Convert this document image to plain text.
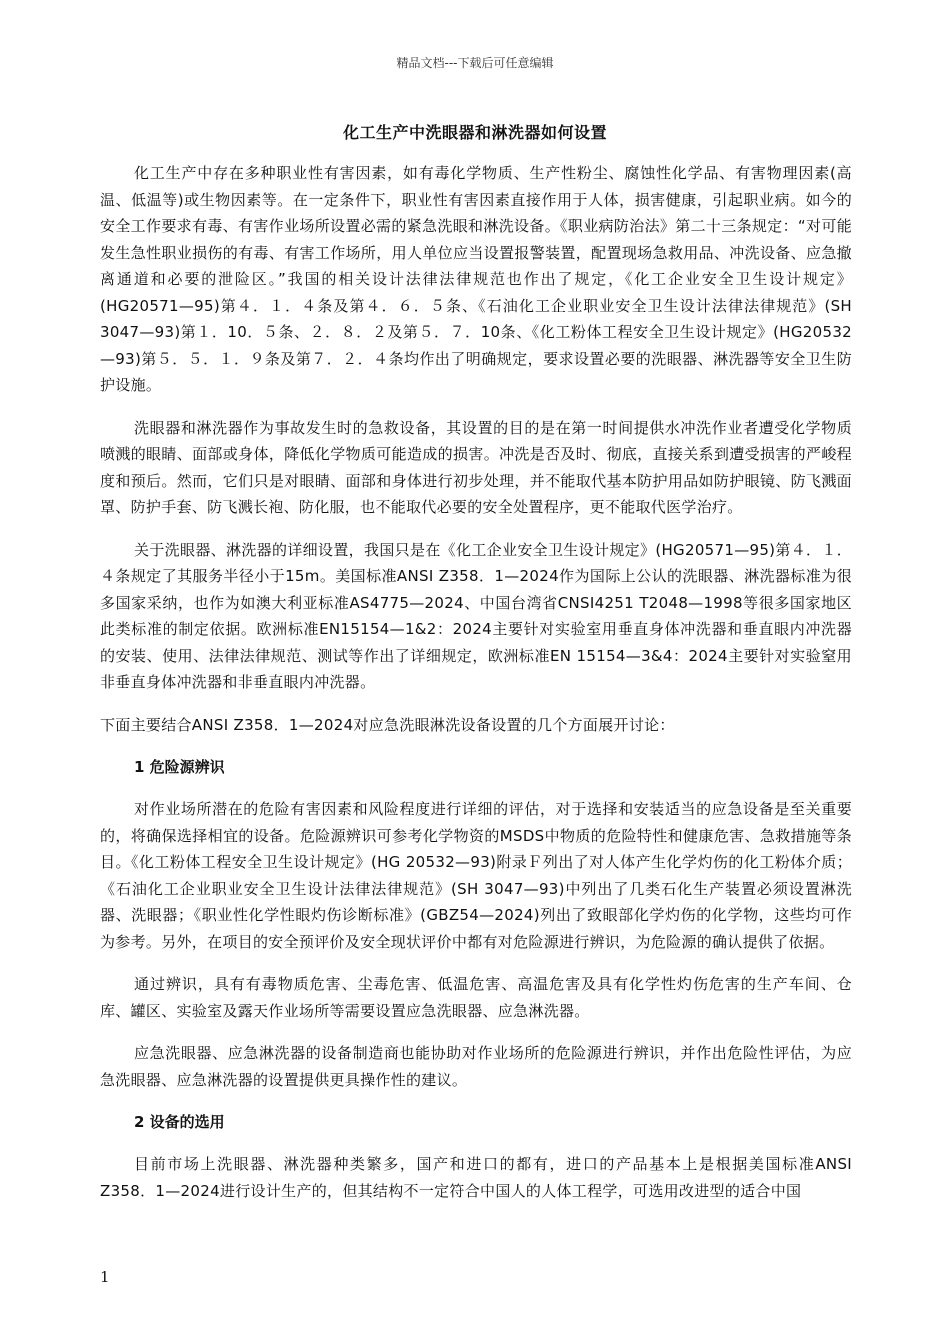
精品文档---下载后可任意编辑
化工生产中洗眼器和淋洗器如何设置

化工生产中存在多种职业性有害因素，如有毒化学物质、生产性粉尘、腐蚀性化学品、有害物理因素(高温、低温等)或生物因素等。在一定条件下，职业性有害因素直接作用于人体，损害健康，引起职业病。如今的安全工作要求有毒、有害作业场所设置必需的紧急洗眼和淋洗设备。《职业病防治法》第二十三条规定：“对可能发生急性职业损伤的有毒、有害工作场所，用人单位应当设置报警装置，配置现场急救用品、冲洗设备、应急撤离通道和必要的泄险区。”我国的相关设计法律法律规范也作出了规定，《化工企业安全卫生设计规定》(HG20571—95)第４．１．４条及第４．６．５条、《石油化工企业职业安全卫生设计法律法律规范》(SH 3047—93)第１．10．５条、２．８．２及第５．７．10条、《化工粉体工程安全卫生设计规定》(HG20532—93)第５．５．１．９条及第７．２．４条均作出了明确规定，要求设置必要的洗眼器、淋洗器等安全卫生防护设施。

洗眼器和淋洗器作为事故发生时的急救设备，其设置的目的是在第一时间提供水冲洗作业者遭受化学物质喷溅的眼睛、面部或身体，降低化学物质可能造成的损害。冲洗是否及时、彻底，直接关系到遭受损害的严峻程度和预后。然而，它们只是对眼睛、面部和身体进行初步处理，并不能取代基本防护用品如防护眼镜、防飞溅面罩、防护手套、防飞溅长袍、防化服，也不能取代必要的安全处置程序，更不能取代医学治疗。

关于洗眼器、淋洗器的详细设置，我国只是在《化工企业安全卫生设计规定》(HG20571—95)第４．１．４条规定了其服务半径小于15m。美国标准ANSI Z358．1—2024作为国际上公认的洗眼器、淋洗器标准为很多国家采纳，也作为如澳大利亚标准AS4775—2024、中国台湾省CNSI4251 T2048—1998等很多国家地区此类标准的制定依据。欧洲标准EN15154—1&2：2024主要针对实验室用垂直身体冲洗器和垂直眼内冲洗器的安装、使用、法律法律规范、测试等作出了详细规定，欧洲标准EN 15154—3&4：2024主要针对实验窒用非垂直身体冲洗器和非垂直眼内冲洗器。

下面主要结合ANSI Z358．1—2024对应急洗眼淋洗设备设置的几个方面展开讨论：

1 危险源辨识

对作业场所潜在的危险有害因素和风险程度进行详细的评估，对于选择和安装适当的应急设备是至关重要的，将确保选择相宜的设备。危险源辨识可参考化学物资的MSDS中物质的危险特性和健康危害、急救措施等条目。《化工粉体工程安全卫生设计规定》(HG 20532—93)附录Ｆ列出了对人体产生化学灼伤的化工粉体介质；《石油化工企业职业安全卫生设计法律法律规范》(SH 3047—93)中列出了几类石化生产装置必须设置淋洗器、洗眼器；《职业性化学性眼灼伤诊断标准》(GBZ54—2024)列出了致眼部化学灼伤的化学物，这些均可作为参考。另外，在项目的安全预评价及安全现状评价中都有对危险源进行辨识，为危险源的确认提供了依据。

通过辨识，具有有毒物质危害、尘毒危害、低温危害、高温危害及具有化学性灼伤危害的生产车间、仓库、罐区、实验室及露天作业场所等需要设置应急洗眼器、应急淋洗器。

应急洗眼器、应急淋洗器的设备制造商也能协助对作业场所的危险源进行辨识，并作出危险性评估，为应急洗眼器、应急淋洗器的设置提供更具操作性的建议。

2 设备的选用

目前市场上洗眼器、淋洗器种类繁多，国产和进口的都有，进口的产品基本上是根据美国标准ANSI Z358．1—2024进行设计生产的，但其结构不一定符合中国人的人体工程学，可选用改进型的适合中国

1
